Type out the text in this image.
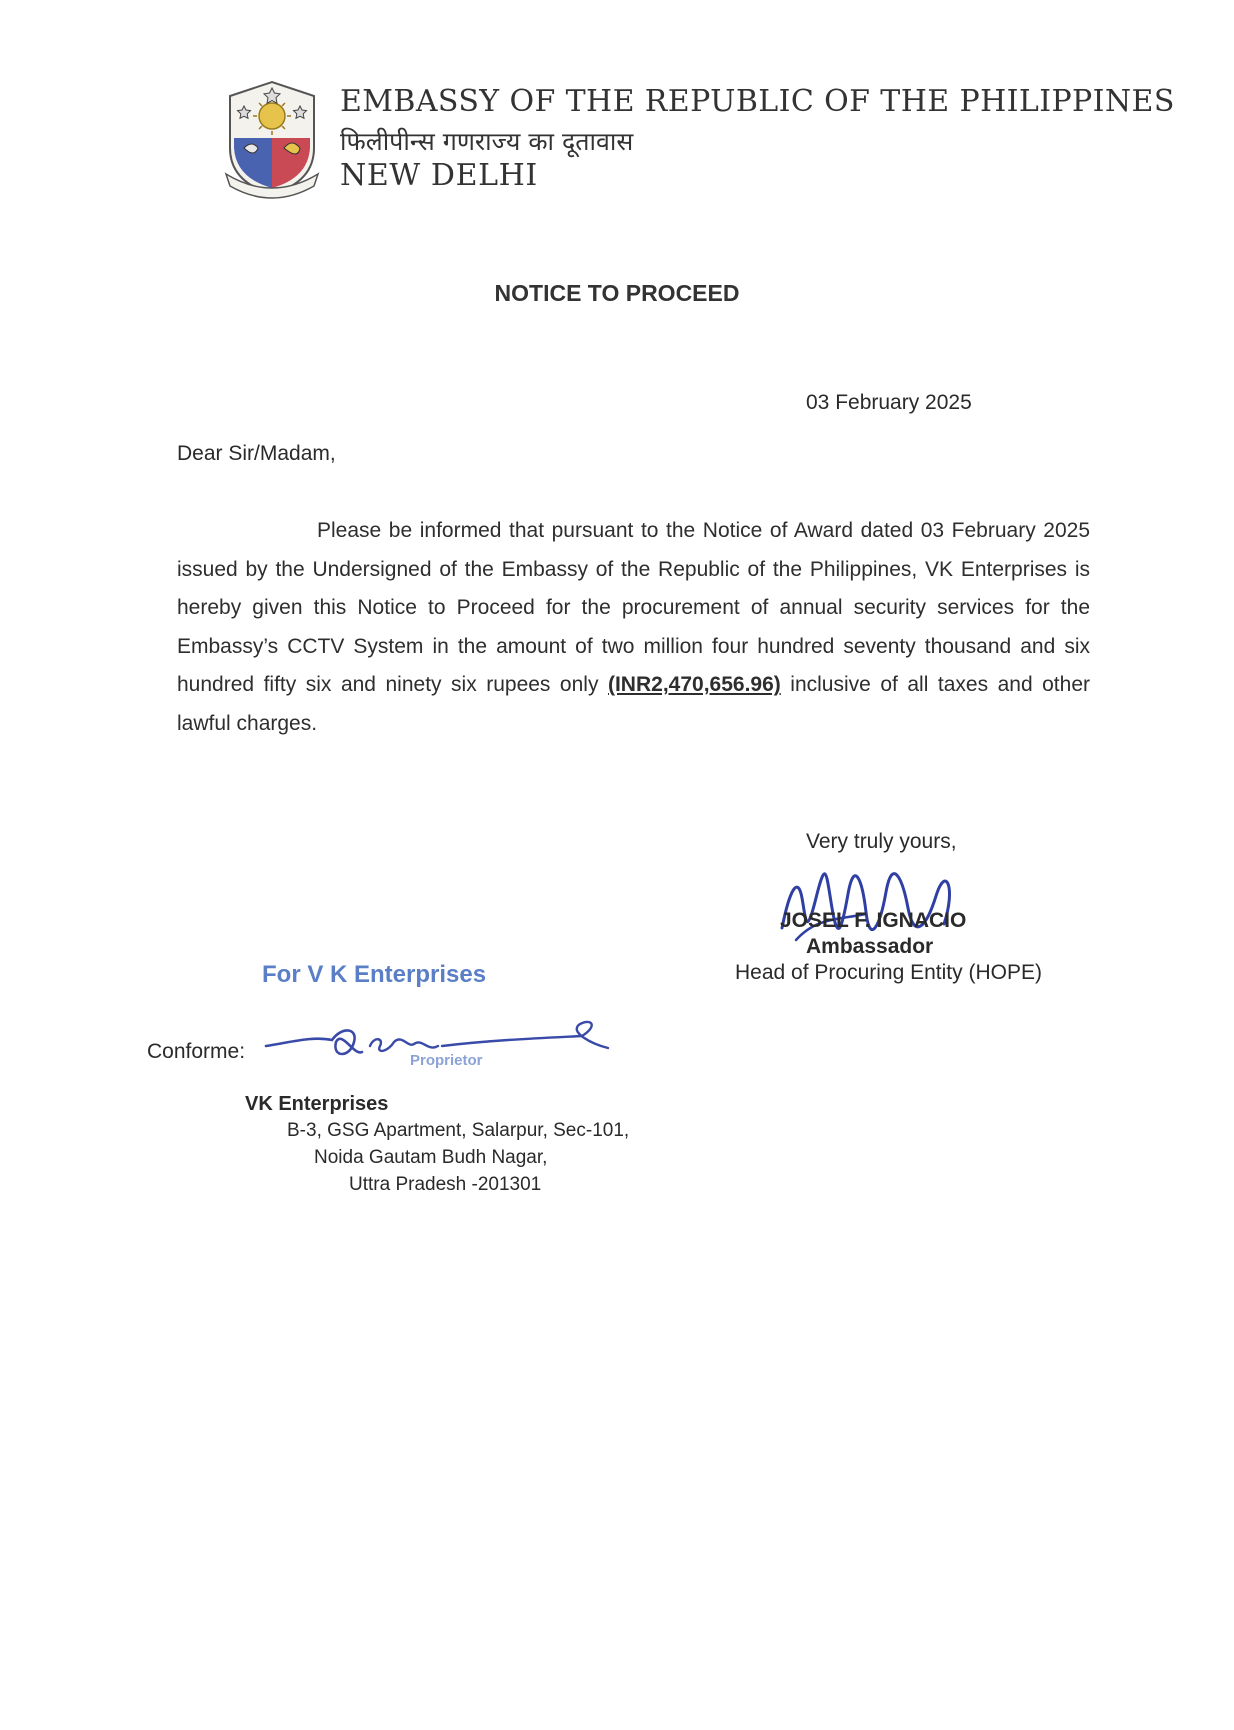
EMBASSY OF THE REPUBLIC OF THE PHILIPPINES
फिलीपीन्स गणराज्य का दूतावास
NEW DELHI
NOTICE TO PROCEED
03 February 2025
Dear Sir/Madam,
Please be informed that pursuant to the Notice of Award dated 03 February 2025 issued by the Undersigned of the Embassy of the Republic of the Philippines, VK Enterprises is hereby given this Notice to Proceed for the procurement of annual security services for the Embassy’s CCTV System in the amount of two million four hundred seventy thousand and six hundred fifty six and ninety six rupees only (INR2,470,656.96) inclusive of all taxes and other lawful charges.
Very truly yours,
JOSEL F. IGNACIO
Ambassador
Head of Procuring Entity (HOPE)
For V K Enterprises
Conforme:	Proprietor
VK Enterprises
B-3, GSG Apartment, Salarpur, Sec-101,
Noida Gautam Budh Nagar,
Uttra Pradesh -201301
